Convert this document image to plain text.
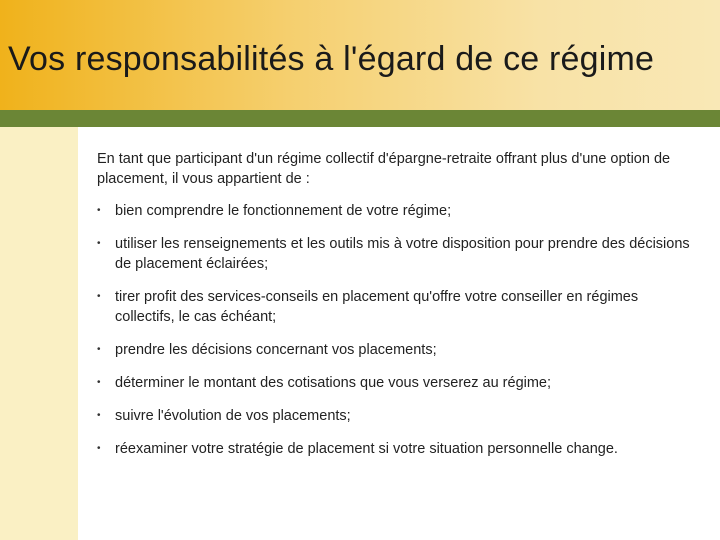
Vos responsabilités à l'égard de ce régime

En tant que participant d'un régime collectif d'épargne-retraite offrant plus d'une option de placement, il vous appartient de :

• bien comprendre le fonctionnement de votre régime;
• utiliser les renseignements et les outils mis à votre disposition pour prendre des décisions de placement éclairées;
• tirer profit des services-conseils en placement qu'offre votre conseiller en régimes collectifs, le cas échéant;
• prendre les décisions concernant vos placements;
• déterminer le montant des cotisations que vous verserez au régime;
• suivre l'évolution de vos placements;
• réexaminer votre stratégie de placement si votre situation personnelle change.
